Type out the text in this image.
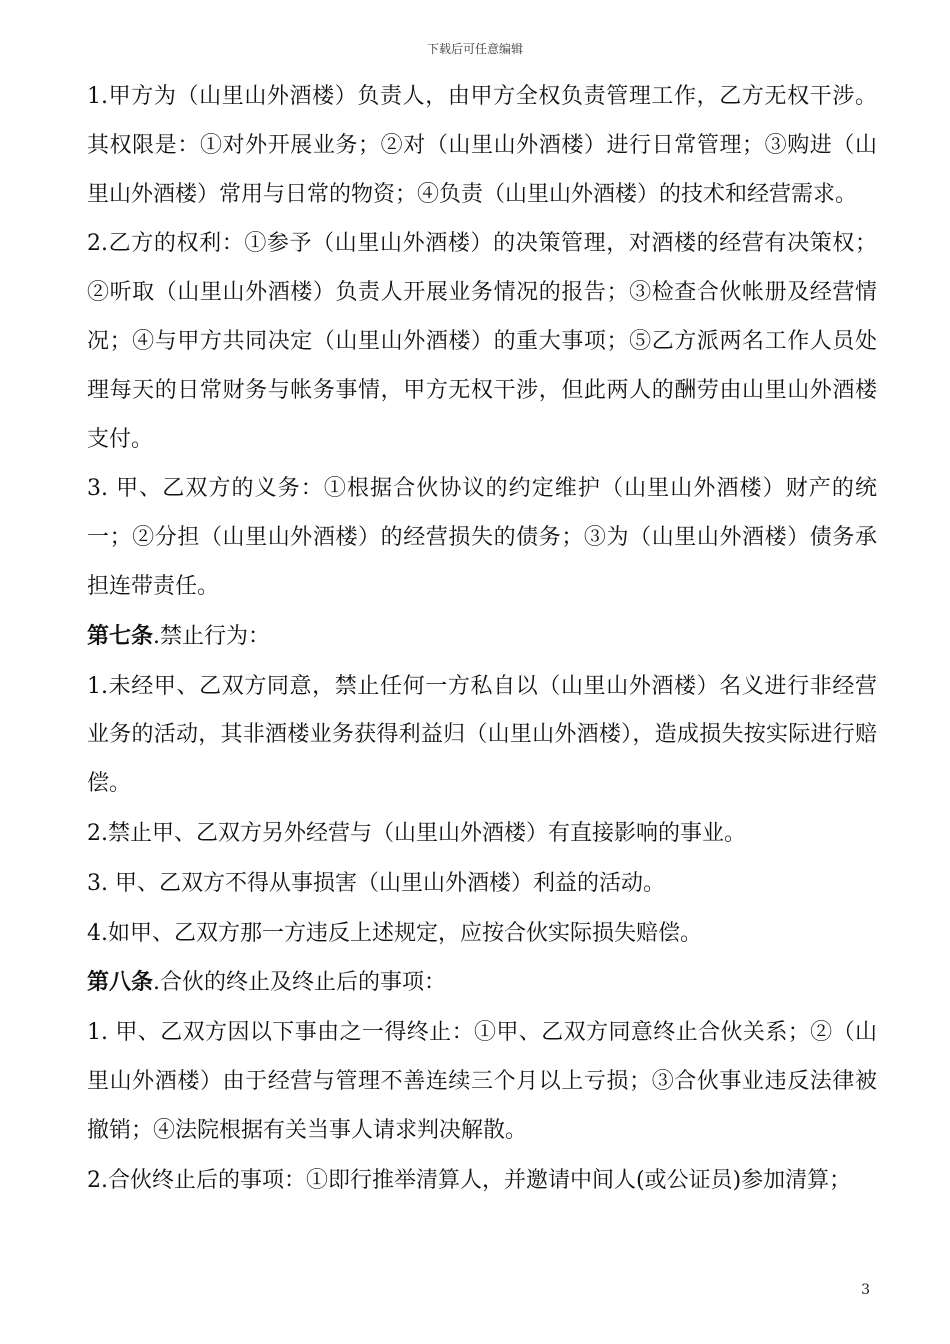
下载后可任意编辑

1.甲方为（山里山外酒楼）负责人，由甲方全权负责管理工作，乙方无权干涉。其权限是：①对外开展业务；②对（山里山外酒楼）进行日常管理；③购进（山里山外酒楼）常用与日常的物资；④负责（山里山外酒楼）的技术和经营需求。

2.乙方的权利：①参予（山里山外酒楼）的决策管理，对酒楼的经营有决策权；②听取（山里山外酒楼）负责人开展业务情况的报告；③检查合伙帐册及经营情况；④与甲方共同决定（山里山外酒楼）的重大事项；⑤乙方派两名工作人员处理每天的日常财务与帐务事情，甲方无权干涉，但此两人的酬劳由山里山外酒楼支付。

3. 甲、乙双方的义务：①根据合伙协议的约定维护（山里山外酒楼）财产的统一；②分担（山里山外酒楼）的经营损失的债务；③为（山里山外酒楼）债务承担连带责任。

第七条.禁止行为：

1.未经甲、乙双方同意，禁止任何一方私自以（山里山外酒楼）名义进行非经营业务的活动，其非酒楼业务获得利益归（山里山外酒楼），造成损失按实际进行赔偿。

2.禁止甲、乙双方另外经营与（山里山外酒楼）有直接影响的事业。

3. 甲、乙双方不得从事损害（山里山外酒楼）利益的活动。

4.如甲、乙双方那一方违反上述规定，应按合伙实际损失赔偿。

第八条.合伙的终止及终止后的事项：

1. 甲、乙双方因以下事由之一得终止：①甲、乙双方同意终止合伙关系；②（山里山外酒楼）由于经营与管理不善连续三个月以上亏损；③合伙事业违反法律被撤销；④法院根据有关当事人请求判决解散。

2.合伙终止后的事项：①即行推举清算人，并邀请中间人(或公证员)参加清算；

3
